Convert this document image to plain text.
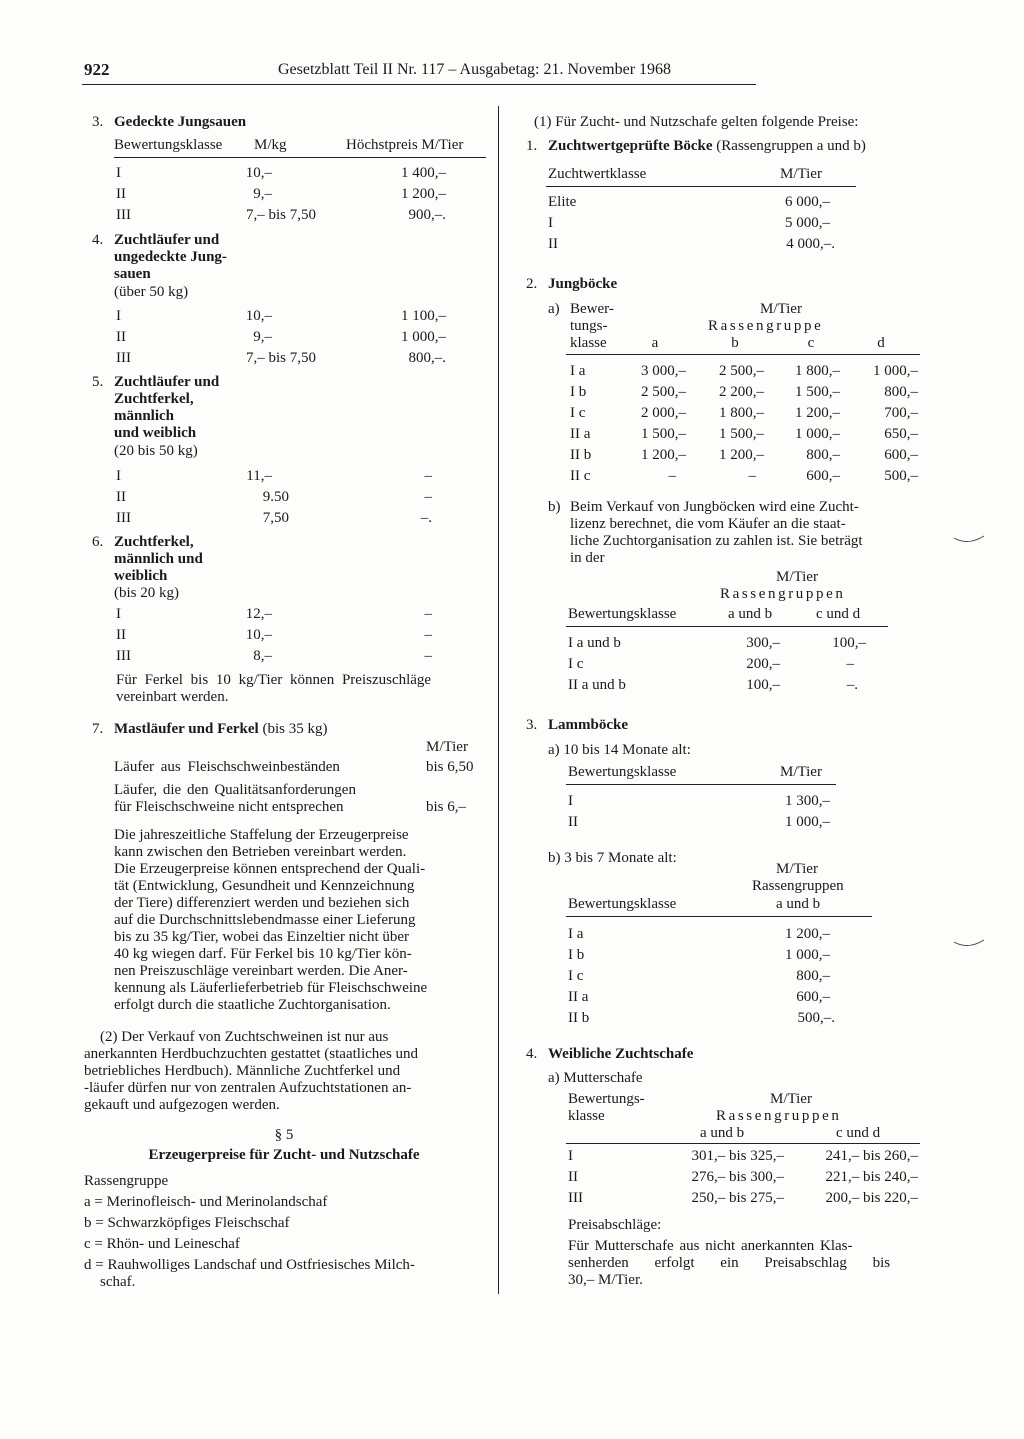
922	Gesetzblatt Teil II Nr. 117 – Ausgabetag: 21. November 1968
3. Gedeckte Jungsauen
Bewertungsklasse M/kg	Höchstpreis M/Tier
I	10,–	1 400,–
II	9,–	1 200,–
III	7,– bis 7,50	900,–.
4. Zuchtläufer und
ungedeckte Jung-
sauen
(über 50 kg)
I	10,–	1 100,–
II	9,–	1 000,–
III	7,– bis 7,50	800,–.
5. Zuchtläufer und
Zuchtferkel,
männlich
und weiblich
(20 bis 50 kg)
I	11,–	–
II	9.50	–
III	7,50	–.
6. Zuchtferkel,
männlich und
weiblich
(bis 20 kg)
I	12,–	–
II	10,–	–
III	8,–	–
Für Ferkel bis 10 kg/Tier können Preiszuschläge
vereinbart werden.
7. Mastläufer und Ferkel (bis 35 kg)
M/Tier
Läufer aus Fleischschweinbeständen	bis 6,50
Läufer, die den Qualitätsanforderungen
für Fleischschweine nicht entsprechen	bis 6,–
Die jahreszeitliche Staffelung der Erzeugerpreise
kann zwischen den Betrieben vereinbart werden.
Die Erzeugerpreise können entsprechend der Quali-
tät (Entwicklung, Gesundheit und Kennzeichnung
der Tiere) differenziert werden und beziehen sich
auf die Durchschnittslebendmasse einer Lieferung
bis zu 35 kg/Tier, wobei das Einzeltier nicht über
40 kg wiegen darf. Für Ferkel bis 10 kg/Tier kön-
nen Preiszuschläge vereinbart werden. Die Aner-
kennung als Läuferlieferbetrieb für Fleischschweine
erfolgt durch die staatliche Zuchtorganisation.
(2) Der Verkauf von Zuchtschweinen ist nur aus
anerkannten Herdbuchzuchten gestattet (staatliches und
betriebliches Herdbuch). Männliche Zuchtferkel und
-läufer dürfen nur von zentralen Aufzuchtstationen an-
gekauft und aufgezogen werden.
§ 5
Erzeugerpreise für Zucht- und Nutzschafe
Rassengruppe
a = Merinofleisch- und Merinolandschaf
b = Schwarzköpfiges Fleischschaf
c = Rhön- und Leineschaf
d = Rauhwolliges Landschaf und Ostfriesisches Milch-
schaf.
(1) Für Zucht- und Nutzschafe gelten folgende Preise:
1. Zuchtwertgeprüfte Böcke (Rassengruppen a und b)
Zuchtwertklasse	M/Tier
Elite	6 000,–
I	5 000,–
II	4 000,–.
2. Jungböcke
a) Bewer-
tungs-
klasse
M/Tier
Rassengruppe
a	b	c	d
I a	3 000,–	2 500,–	1 800,–	1 000,–
I b	2 500,–	2 200,–	1 500,–	800,–
I c	2 000,–	1 800,–	1 200,–	700,–
II a	1 500,–	1 500,–	1 000,–	650,–
II b	1 200,–	1 200,–	800,–	600,–
II c	–	–	600,–	500,–
b) Beim Verkauf von Jungböcken wird eine Zucht-
lizenz berechnet, die vom Käufer an die staat-
liche Zuchtorganisation zu zahlen ist. Sie beträgt
in der
M/Tier
Rassengruppen
Bewertungsklasse	a und b	c und d
I a und b	300,–	100,–
I c	200,–	–
II a und b	100,–	–.
3. Lammböcke
a) 10 bis 14 Monate alt:
Bewertungsklasse	M/Tier
I	1 300,–
II	1 000,–
b) 3 bis 7 Monate alt:
M/Tier
Rassengruppen
Bewertungsklasse	a und b
I a	1 200,–
I b	1 000,–
I c	800,–
II a	600,–
II b	500,–.
4. Weibliche Zuchtschafe
a) Mutterschafe
Bewertungs-
klasse
M/Tier
Rassengruppen
a und b	c und d
I	301,– bis 325,–	241,– bis 260,–
II	276,– bis 300,–	221,– bis 240,–
III	250,– bis 275,–	200,– bis 220,–
Preisabschläge:
Für Mutterschafe aus nicht anerkannten Klas-
senherden erfolgt ein Preisabschlag bis
30,– M/Tier.
